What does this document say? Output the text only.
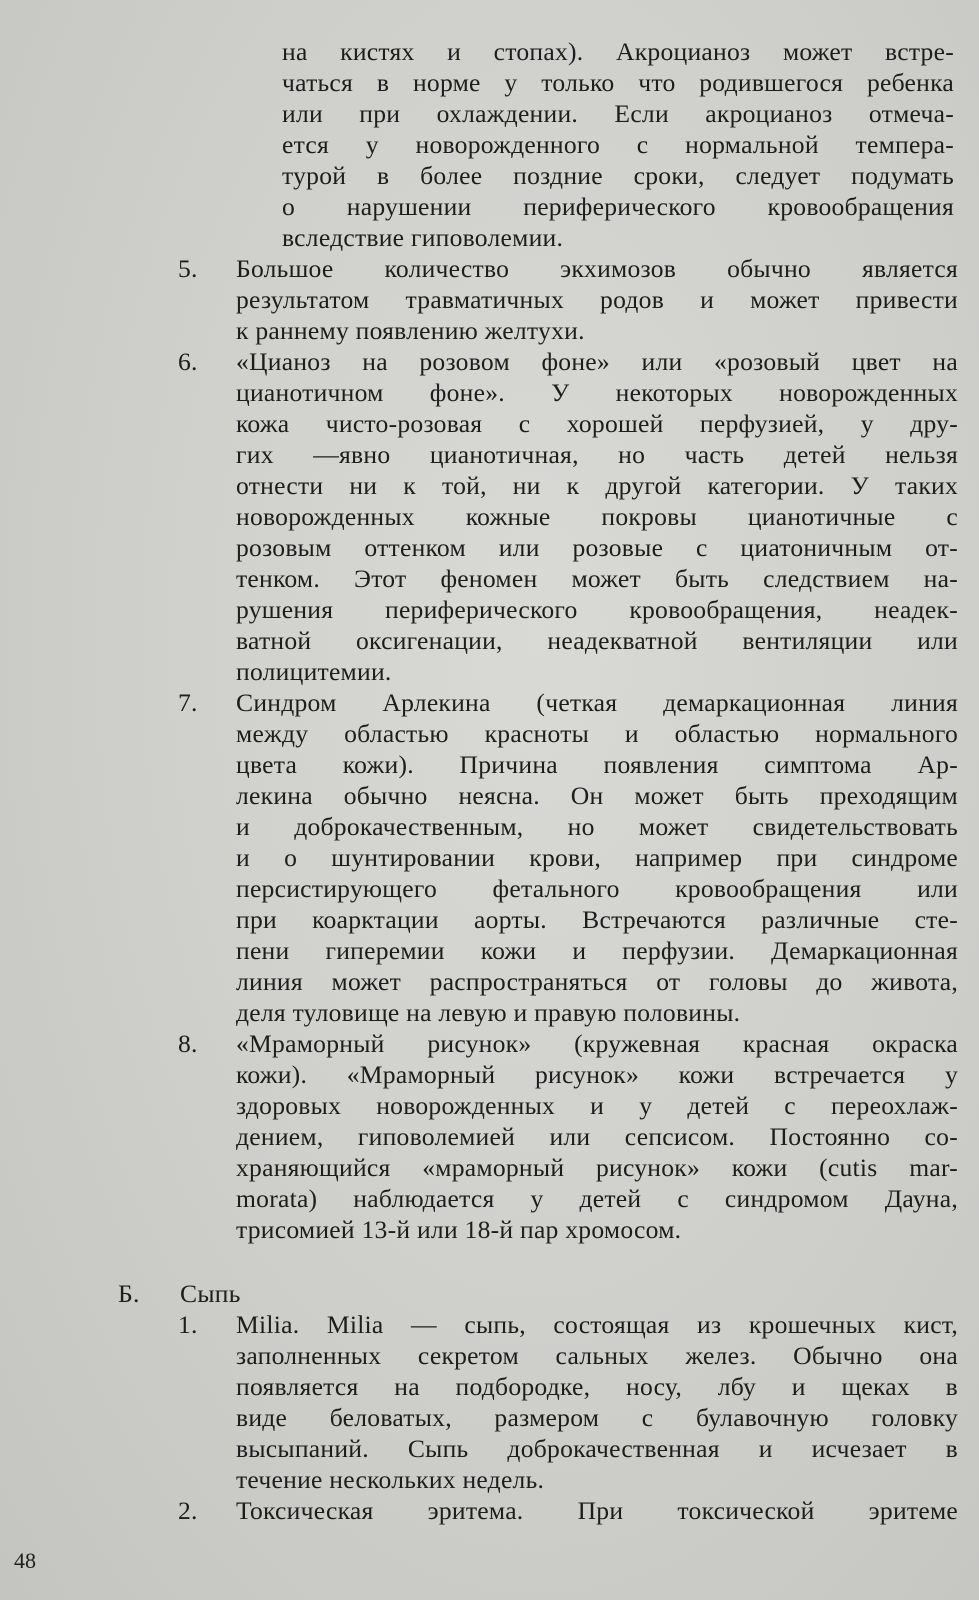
на кистях и стопах). Акроцианоз может встре-
чаться в норме у только что родившегося ребенка
или при охлаждении. Если акроцианоз отмеча-
ется у новорожденного с нормальной темпера-
турой в более поздние сроки, следует подумать
о нарушении периферического кровообращения
вследствие гиповолемии.
5.	Большое количество экхимозов обычно является
результатом травматичных родов и может привести
к раннему появлению желтухи.
6.	«Цианоз на розовом фоне» или «розовый цвет на
цианотичном фоне». У некоторых новорожденных
кожа чисто-розовая с хорошей перфузией, у дру-
гих —явно цианотичная, но часть детей нельзя
отнести ни к той, ни к другой категории. У таких
новорожденных кожные покровы цианотичные с
розовым оттенком или розовые с циатоничным от-
тенком. Этот феномен может быть следствием на-
рушения периферического кровообращения, неадек-
ватной оксигенации, неадекватной вентиляции или
полицитемии.
7.	Синдром Арлекина (четкая демаркационная линия
между областью красноты и областью нормального
цвета кожи). Причина появления симптома Ар-
лекина обычно неясна. Он может быть преходящим
и доброкачественным, но может свидетельствовать
и о шунтировании крови, например при синдроме
персистирующего фетального кровообращения или
при коарктации аорты. Встречаются различные сте-
пени гиперемии кожи и перфузии. Демаркационная
линия может распространяться от головы до живота,
деля туловище на левую и правую половины.
8.	«Мраморный рисунок» (кружевная красная окраска
кожи). «Мраморный рисунок» кожи встречается у
здоровых новорожденных и у детей с переохлаж-
дением, гиповолемией или сепсисом. Постоянно со-
храняющийся «мраморный рисунок» кожи (cutis mar-
morata) наблюдается у детей с синдромом Дауна,
трисомией 13-й или 18-й пар хромосом.
Б. Сыпь
1.	Milia. Milia — сыпь, состоящая из крошечных кист,
заполненных секретом сальных желез. Обычно она
появляется на подбородке, носу, лбу и щеках в
виде беловатых, размером с булавочную головку
высыпаний. Сыпь доброкачественная и исчезает в
течение нескольких недель.
2.	Токсическая эритема. При токсической эритеме
48
